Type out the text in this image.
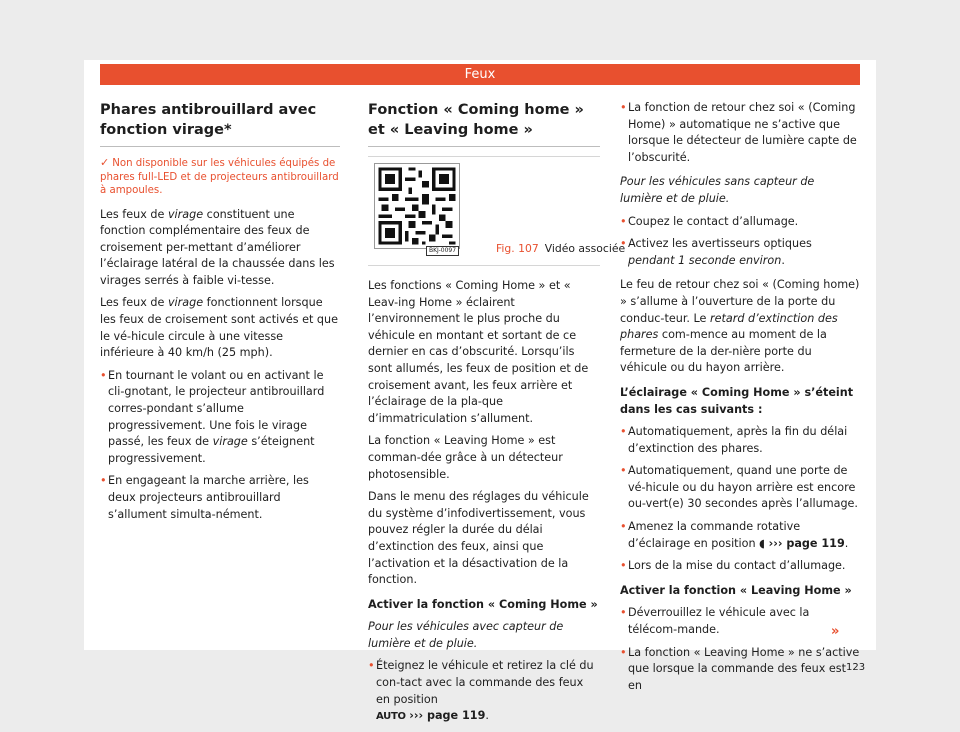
Feux
Phares antibrouillard avec fonction virage*
✓ Non disponible sur les véhicules équipés de phares full-LED et de projecteurs antibrouillard à ampoules.

Les feux de virage constituent une fonction complémentaire des feux de croisement per-mettant d’améliorer l’éclairage latéral de la chaussée dans les virages serrés à faible vi-tesse.

Les feux de virage fonctionnent lorsque les feux de croisement sont activés et que le vé-hicule circule à une vitesse inférieure à 40 km/h (25 mph).

• En tournant le volant ou en activant le cli-gnotant, le projecteur antibrouillard corres-pondant s’allume progressivement. Une fois le virage passé, les feux de virage s’éteignent progressivement.

• En engageant la marche arrière, les deux projecteurs antibrouillard s’allument simulta-nément.

Fonction « Coming home » et « Leaving home »
BKJ-0097	Fig. 107 Vidéo associée

Les fonctions « Coming Home » et « Leav-ing Home » éclairent l’environnement le plus proche du véhicule en montant et sortant de ce dernier en cas d’obscurité. Lorsqu’ils sont allumés, les feux de position et de croisement avant, les feux arrière et l’éclairage de la pla-que d’immatriculation s’allument.

La fonction « Leaving Home » est comman-dée grâce à un détecteur photosensible.

Dans le menu des réglages du véhicule du système d’infodivertissement, vous pouvez régler la durée du délai d’extinction des feux, ainsi que l’activation et la désactivation de la fonction.

Activer la fonction « Coming Home »

Pour les véhicules avec capteur de lumière et de pluie.

• Éteignez le véhicule et retirez la clé du con-tact avec la commande des feux en position
AUTO ››› page 119.

• La fonction de retour chez soi « (Coming Home) » automatique ne s’active que lorsque le détecteur de lumière capte de l’obscurité.

Pour les véhicules sans capteur de lumière et de pluie.

• Coupez le contact d’allumage.

• Activez les avertisseurs optiques pendant 1 seconde environ.

Le feu de retour chez soi « (Coming home) » s’allume à l’ouverture de la porte du conduc-teur. Le retard d’extinction des phares com-mence au moment de la fermeture de la der-nière porte du véhicule ou du hayon arrière.

L’éclairage « Coming Home » s’éteint dans les cas suivants :

• Automatiquement, après la fin du délai d’extinction des phares.

• Automatiquement, quand une porte de vé-hicule ou du hayon arrière est encore ou-vert(e) 30 secondes après l’allumage.

• Amenez la commande rotative d’éclairage en position ◖ ››› page 119.

• Lors de la mise du contact d’allumage.

Activer la fonction « Leaving Home »

• Déverrouillez le véhicule avec la télécom-mande.

• La fonction « Leaving Home » ne s’active que lorsque la commande des feux est en

»
123
